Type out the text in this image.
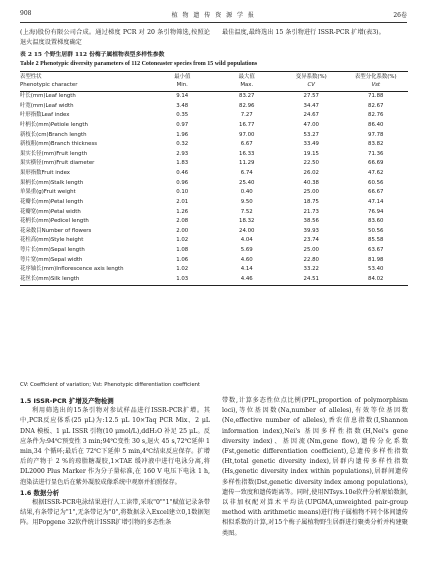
908	植 物 遗 传 资 源 学 报	26卷
(上海)股份有限公司合成。通过梯度 PCR 对 20 条引物筛选,按照论退火温度设置梯度确定
最佳温度,最终选出 15 条引物进行 ISSR-PCR 扩增(表3)。
表 2 15 个野生居群 112 份梅子属植物表型多样性参数
Table 2 Phenotypic diversity parameters of 112 Cotoneaster species from 15 wild populations
表型性状	最小值	最大值	变异系数(%)	表型分化系数(%)
Phenotypic character	Min.	Max.	CV	Vst
叶长(mm)Leaf length	9.14	83.27	27.57	71.88
叶宽(mm)Leaf width	3.48	82.96	34.47	82.67
叶形指数Leaf index	0.35	7.27	24.67	82.76
叶柄长(mm)Petiole length	0.97	16.77	47.00	86.40
新枝长(cm)Branch length	1.96	97.00	53.27	97.78
新枝粗(mm)Branch thickness	0.32	6.67	33.49	83.82
果实长径(mm)Fruit length	2.93	16.33	19.15	71.36
果实横径(mm)Fruit diameter	1.83	11.29	22.50	66.69
果形指数Fruit index	0.46	6.74	26.02	47.62
果柄长(mm)Stalk length	0.96	25.40	40.38	60.56
单果重(g)Fruit weight	0.10	0.40	25.00	66.67
花瓣长(mm)Petal length	2.01	9.50	18.75	47.14
花瓣宽(mm)Petal width	1.26	7.52	21.73	76.94
花柄长(mm)Pedicel length	2.08	18.32	38.56	83.60
花朵数目Number of flowers	2.00	24.00	39.93	50.56
花柱高(mm)Style height	1.02	4.04	23.74	85.58
萼片长(mm)Sepal length	1.08	5.69	25.00	63.67
萼片宽(mm)Sepal width	1.06	4.60	22.80	81.98
花序轴长(mm)Inflorescence axis length	1.02	4.14	33.22	53.40
花丝长(mm)Silk length	1.03	4.46	24.51	84.02
CV: Coefficient of variation; Vst: Phenotypic differentiation coefficient
1.5 ISSR-PCR 扩增及产物检测

利用筛选出的15条引物对参试样品进行ISSR-PCR扩增。其中,PCR反应体系(25 μL)为:12.5 μL 10×Taq PCR Mix、2 μL DNA 模板、1 μL ISSR 引物(10 μmol/L),ddH₂O 补足 25 μL。反应条件为:94℃预变性 3 min;94℃变性 30 s,退火 45 s,72℃延伸 1 min,34 个循环;最后在 72℃下延伸 5 min,4℃结束反应保存。扩增后的产物于 2 %的琼脂糖凝胶,1×TAE 缓冲液中进行电泳分离,将 DL2000 Plus Marker 作为分子量标准,在 160 V 电压下电泳 1 h,泡染法进行显色后在紫外凝胶成像系统中观察并拍照保存。

1.6 数据分析

根据ISSR-PCR电泳结果进行人工读带,采取"0""1"赋值记录条带结果,有条带记为"1",无条带记为"0",将数据录入Excel建立0,1数据矩阵。用Popgene 32软件统计ISSR扩增引物的多态性条

带数,计算多态性位点比例(PPL,proportion of polymorphism loci),等位基因数(Na,number of alleles),有效等位基因数(Ne,effective number of alleles),香农信息指数(I,Shannon information index),Nei's 基因多样性指数(H,Nei's gene diversity index)、基因流(Nm,gene flow),遗传分化系数(Fst,genetic differentiation coefficient),总遗传多样性指数(Ht,total genetic diversity index),居群内遗传多样性指数(Hs,genetic diversity index within populations),居群间遗传多样性指数(Dst,genetic diversity index among populations),遗传一致度和遗传距离等。同时,使用NTsys.10e软件分析原始数据,以非加权配对算术平均法(UPGMA,unweighted pair-group method with arithmetic means)进行梅子属植物不同个体间遗传相似系数的计算,对15个梅子属植物野生居群进行聚类分析并构建聚类图。
